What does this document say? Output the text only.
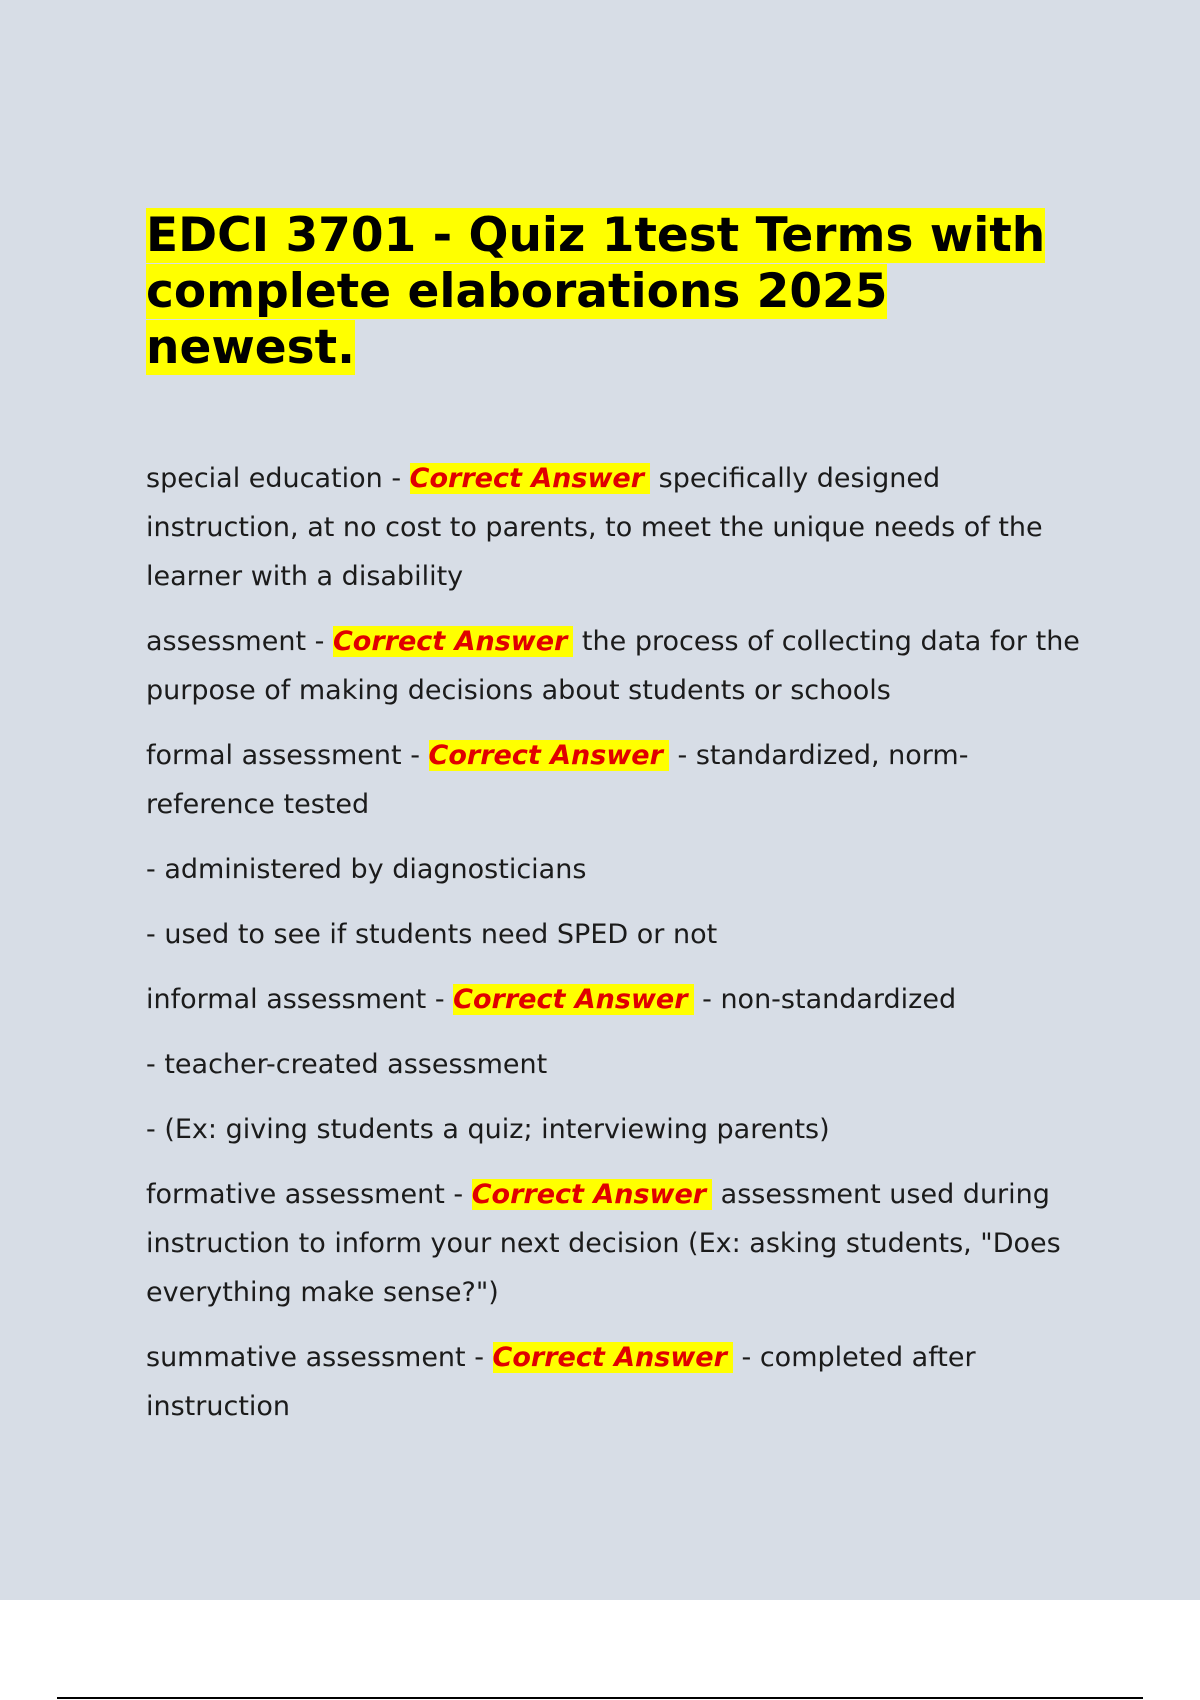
EDCI 3701 - Quiz 1test Terms with complete elaborations 2025 newest.

special education - Correct Answer specifically designed instruction, at no cost to parents, to meet the unique needs of the learner with a disability

assessment - Correct Answer the process of collecting data for the purpose of making decisions about students or schools

formal assessment - Correct Answer - standardized, norm-reference tested

- administered by diagnosticians

- used to see if students need SPED or not

informal assessment - Correct Answer - non-standardized

- teacher-created assessment

- (Ex: giving students a quiz; interviewing parents)

formative assessment - Correct Answer assessment used during instruction to inform your next decision (Ex: asking students, "Does everything make sense?")

summative assessment - Correct Answer - completed after instruction
